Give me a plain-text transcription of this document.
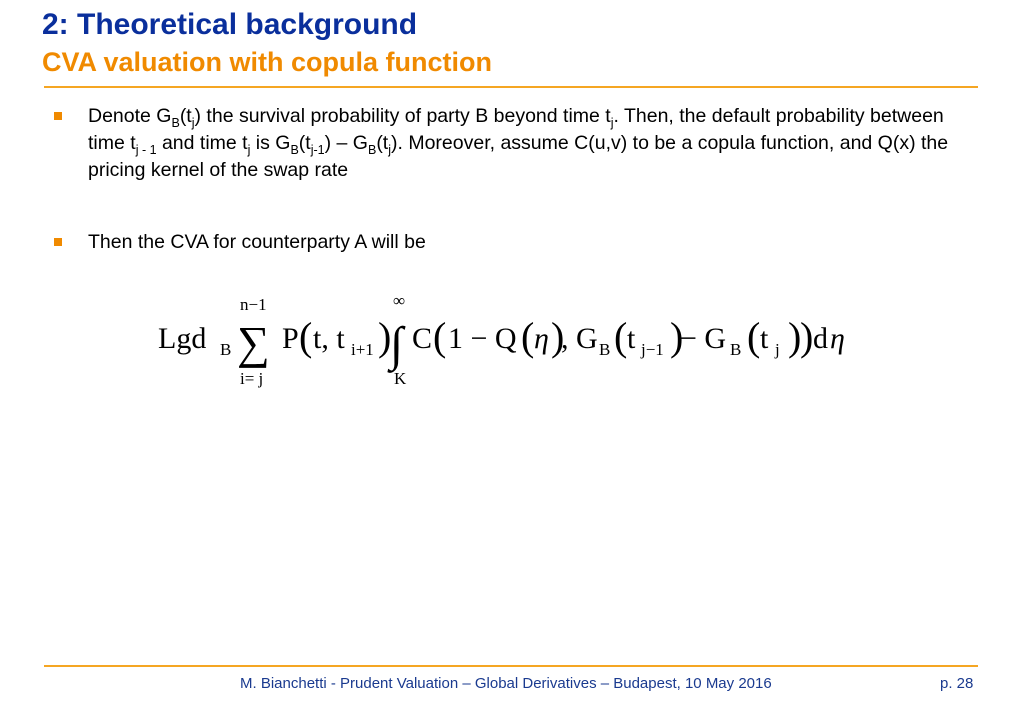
2: Theoretical background
CVA valuation with copula function
Denote $G_B(t_j)$ the survival probability of party B beyond time $t_j$. Then, the default probability between time $t_{j - 1}$ and time $t_j$ is $G_B(t_{j-1}) - G_B(t_j)$. Moreover, assume C(u,v) to be a copula function, and Q(x) the pricing kernel of the swap rate
Then the CVA for counterparty A will be
Lgd B
n−1
∑
i= j
P ( t, t i+1 )
∞
∫
K
C ( 1 − Q ( η )
, G B ( t j−1 )
− G B ( t j )
) d η
M. Bianchetti - Prudent Valuation – Global Derivatives – Budapest, 10 May 2016	p. 28
